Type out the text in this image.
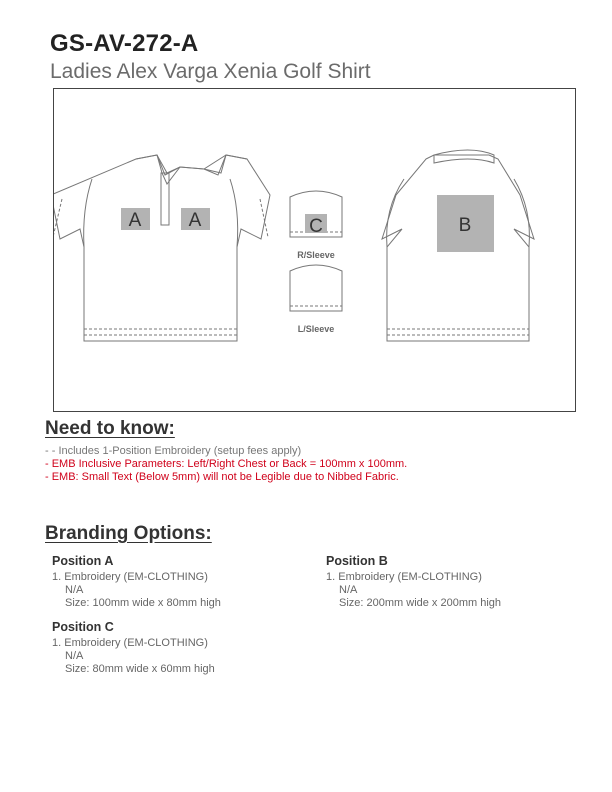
GS-AV-272-A
Ladies Alex Varga Xenia Golf Shirt
A A	C	B
R/Sleeve
L/Sleeve
Need to know:
- - Includes 1-Position Embroidery (setup fees apply)
- EMB Inclusive Parameters: Left/Right Chest or Back = 100mm x 100mm.
- EMB: Small Text (Below 5mm) will not be Legible due to Nibbed Fabric.
Branding Options:
Position A
1. Embroidery (EM-CLOTHING)
N/A
Size: 100mm wide x 80mm high
Position B
1. Embroidery (EM-CLOTHING)
N/A
Size: 200mm wide x 200mm high
Position C
1. Embroidery (EM-CLOTHING)
N/A
Size: 80mm wide x 60mm high
